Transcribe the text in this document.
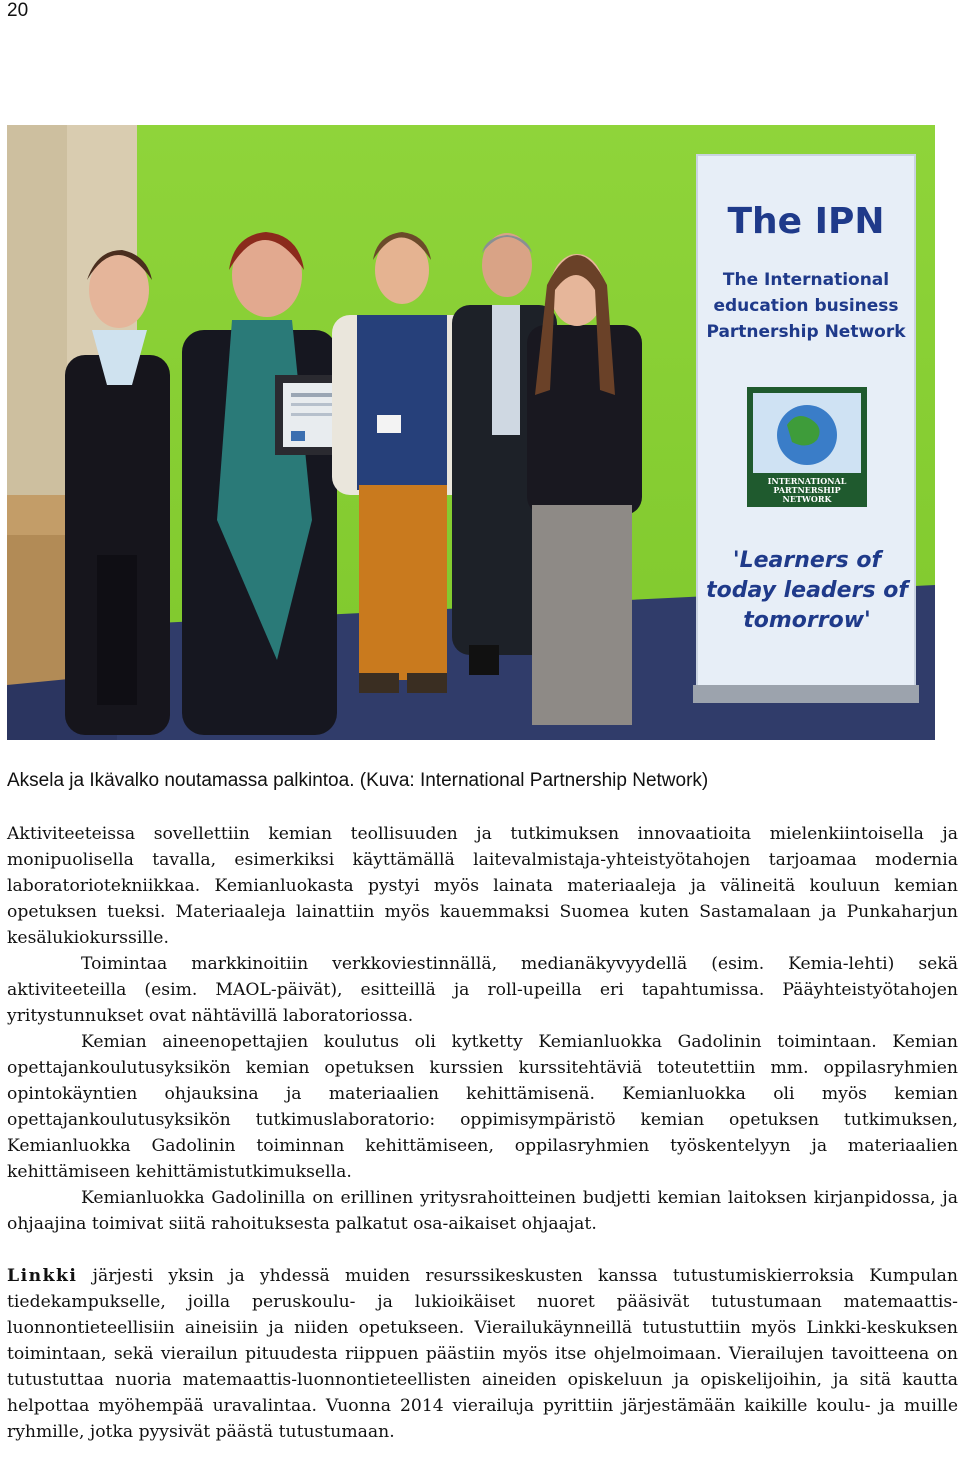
20
The IPN
The International
education business
Partnership Network
INTERNATIONAL
PARTNERSHIP
NETWORK
'Learners of
today leaders of
tomorrow'
Aksela ja Ikävalko noutamassa palkintoa. (Kuva: International Partnership Network)

Aktiviteeteissa sovellettiin kemian teollisuuden ja tutkimuksen innovaatioita mielenkiintoisella ja monipuolisella tavalla, esimerkiksi käyttämällä laitevalmistaja-yhteistyötahojen tarjoamaa modernia laboratoriotekniikkaa. Kemianluokasta pystyi myös lainata materiaaleja ja välineitä kouluun kemian opetuksen tueksi. Materiaaleja lainattiin myös kauemmaksi Suomea kuten Sastamalaan ja Punkaharjun kesälukiokurssille.

Toimintaa markkinoitiin verkkoviestinnällä, medianäkyvyydellä (esim. Kemia-lehti) sekä aktiviteeteilla (esim. MAOL-päivät), esitteillä ja roll-upeilla eri tapahtumissa. Pääyhteistyötahojen yritystunnukset ovat nähtävillä laboratoriossa.

Kemian aineenopettajien koulutus oli kytketty Kemianluokka Gadolinin toimintaan. Kemian opettajankoulutusyksikön kemian opetuksen kurssien kurssitehtäviä toteutettiin mm. oppilasryhmien opintokäyntien ohjauksina ja materiaalien kehittämisenä. Kemianluokka oli myös kemian opettajankoulutusyksikön tutkimuslaboratorio: oppimisympäristö kemian opetuksen tutkimuksen, Kemianluokka Gadolinin toiminnan kehittämiseen, oppilasryhmien työskentelyyn ja materiaalien kehittämiseen kehittämistutkimuksella.

Kemianluokka Gadolinilla on erillinen yritysrahoitteinen budjetti kemian laitoksen kirjanpidossa, ja ohjaajina toimivat siitä rahoituksesta palkatut osa-aikaiset ohjaajat.

Linkki järjesti yksin ja yhdessä muiden resurssikeskusten kanssa tutustumiskierroksia Kumpulan tiedekampukselle, joilla peruskoulu- ja lukioikäiset nuoret pääsivät tutustumaan matemaattis-luonnontieteellisiin aineisiin ja niiden opetukseen. Vierailukäynneillä tutustuttiin myös Linkki-keskuksen toimintaan, sekä vierailun pituudesta riippuen päästiin myös itse ohjelmoimaan. Vierailujen tavoitteena on tutustuttaa nuoria matemaattis-luonnontieteellisten aineiden opiskeluun ja opiskelijoihin, ja sitä kautta helpottaa myöhempää uravalintaa. Vuonna 2014 vierailuja pyrittiin järjestämään kaikille koulu- ja muille ryhmille, jotka pyysivät päästä tutustumaan.
